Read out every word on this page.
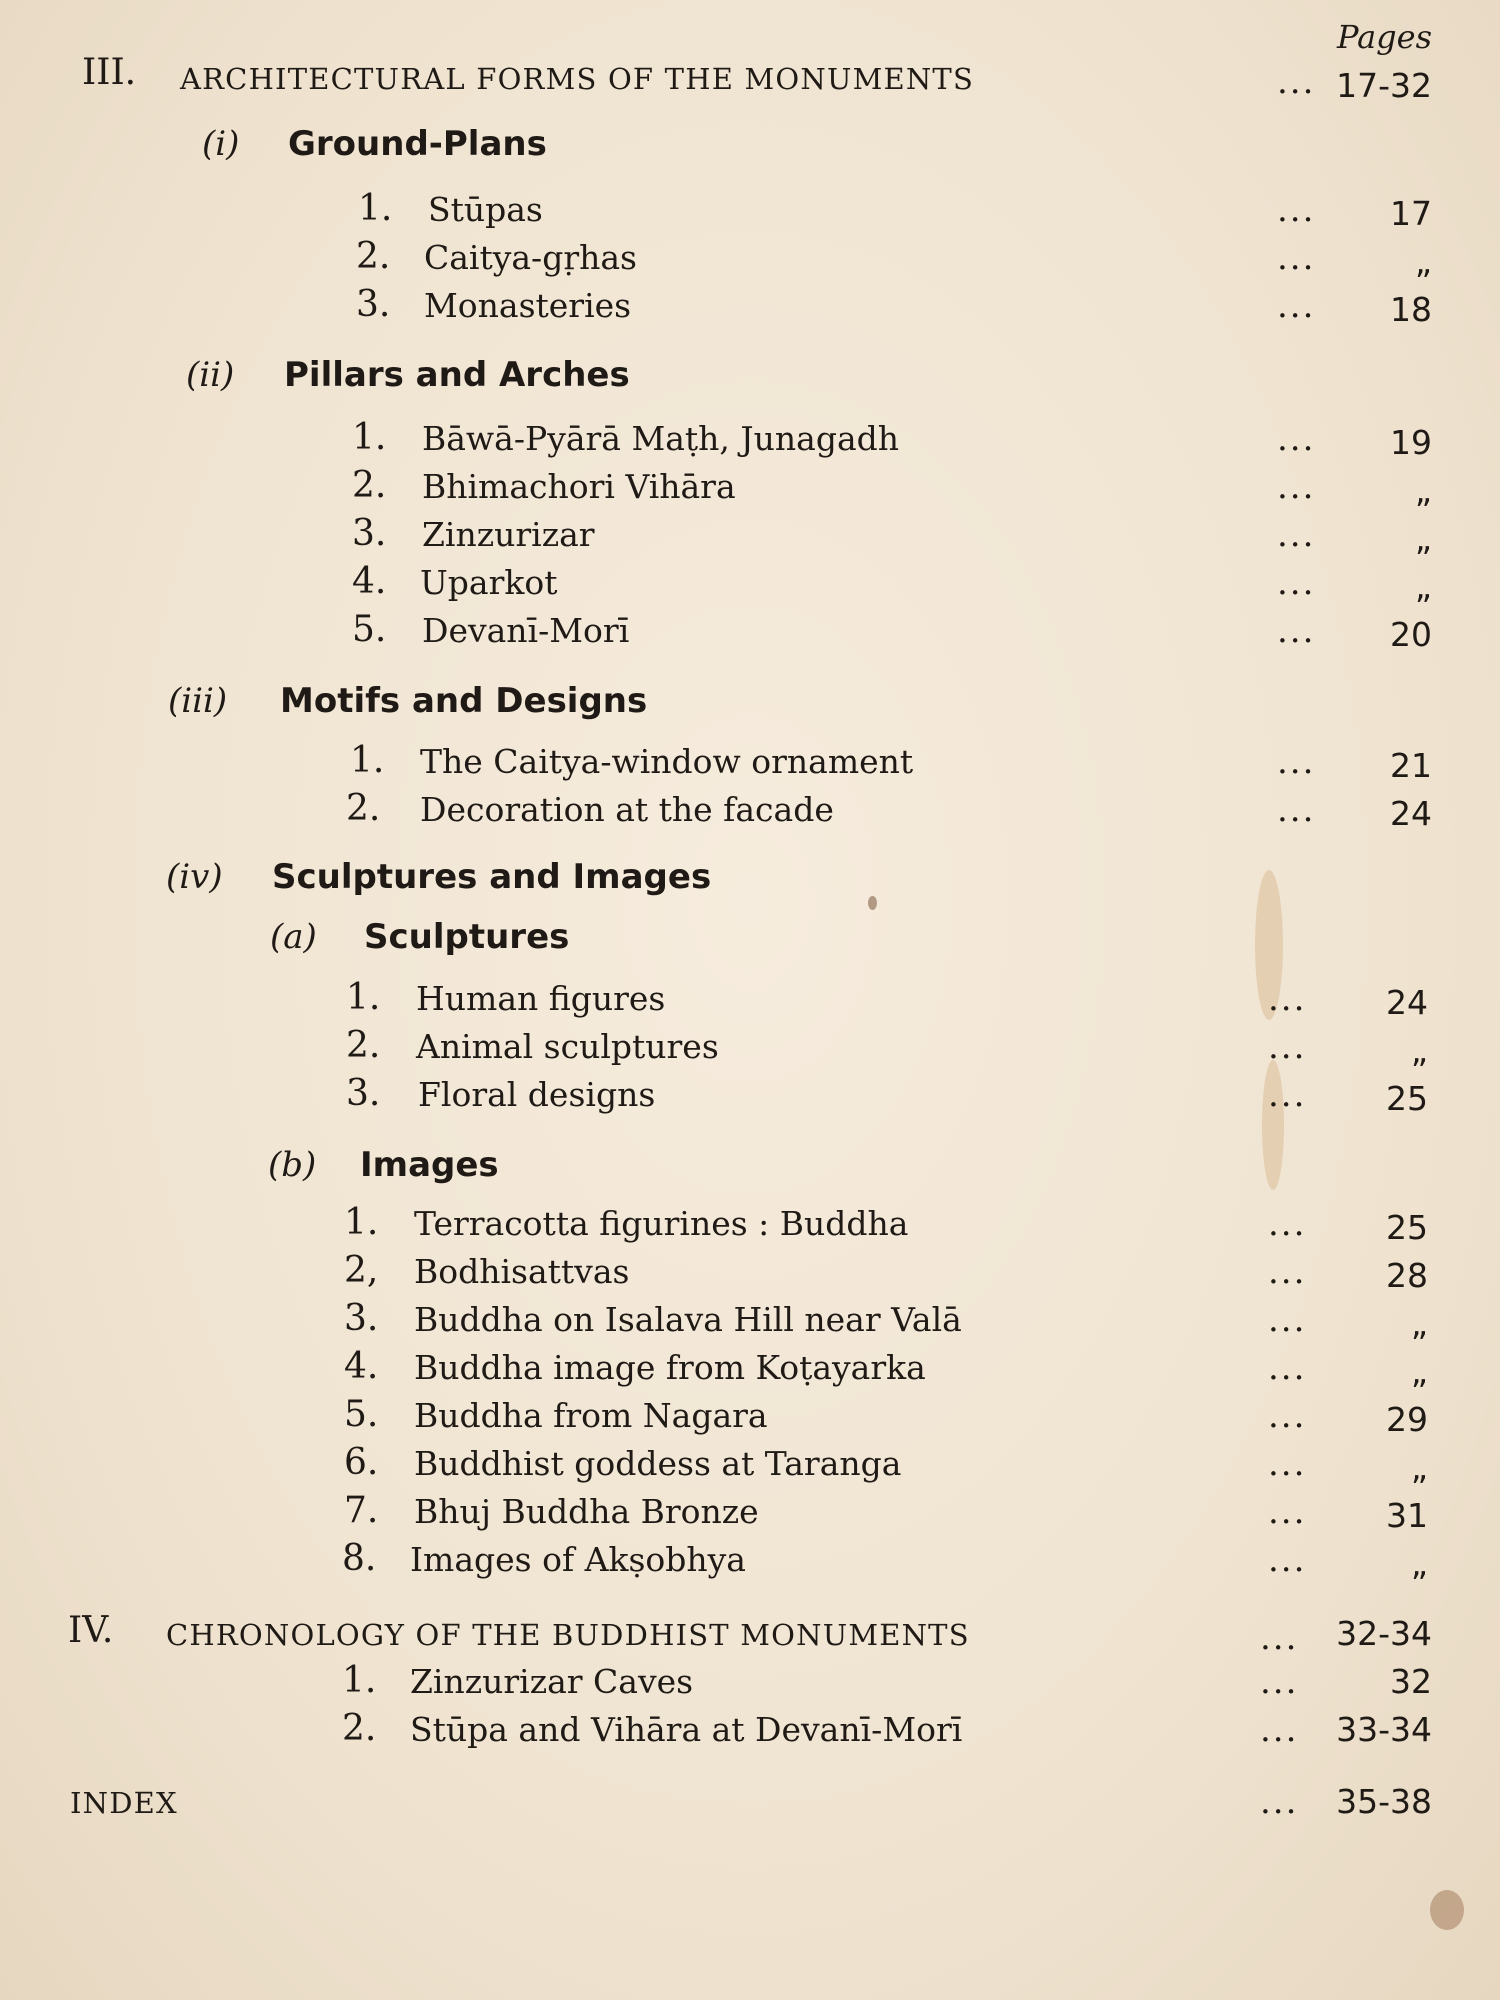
Pages
III. ARCHITECTURAL FORMS OF THE MONUMENTS	... 17-32
(i) Ground-Plans
1. Stūpas	...	17
2. Caitya-gṛhas	...	„
3. Monasteries	...	18
(ii) Pillars and Arches
1. Bāwā-Pyārā Maṭh, Junagadh	...	19
2. Bhimachori Vihāra	...	„
3. Zinzurizar	...	„
4. Uparkot	...	„
5. Devanī-Morī	...	20
(iii) Motifs and Designs
1. The Caitya-window ornament	...	21
2. Decoration at the facade	...	24
(iv) Sculptures and Images
(a) Sculptures
1. Human figures	...	24
2. Animal sculptures	...	„
3. Floral designs	...	25
(b) Images
1. Terracotta figurines : Buddha	...	25
2, Bodhisattvas	...	28
3. Buddha on Isalava Hill near Valā	...	„
4. Buddha image from Koṭayarka	...	„
5. Buddha from Nagara	...	29
6. Buddhist goddess at Taranga	...	„
7. Bhuj Buddha Bronze	...	31
8. Images of Akṣobhya	...	„
IV. CHRONOLOGY OF THE BUDDHIST MONUMENTS	...	32-34
1. Zinzurizar Caves	...	32
2. Stūpa and Vihāra at Devanī-Morī	...	33-34
INDEX	...	35-38
